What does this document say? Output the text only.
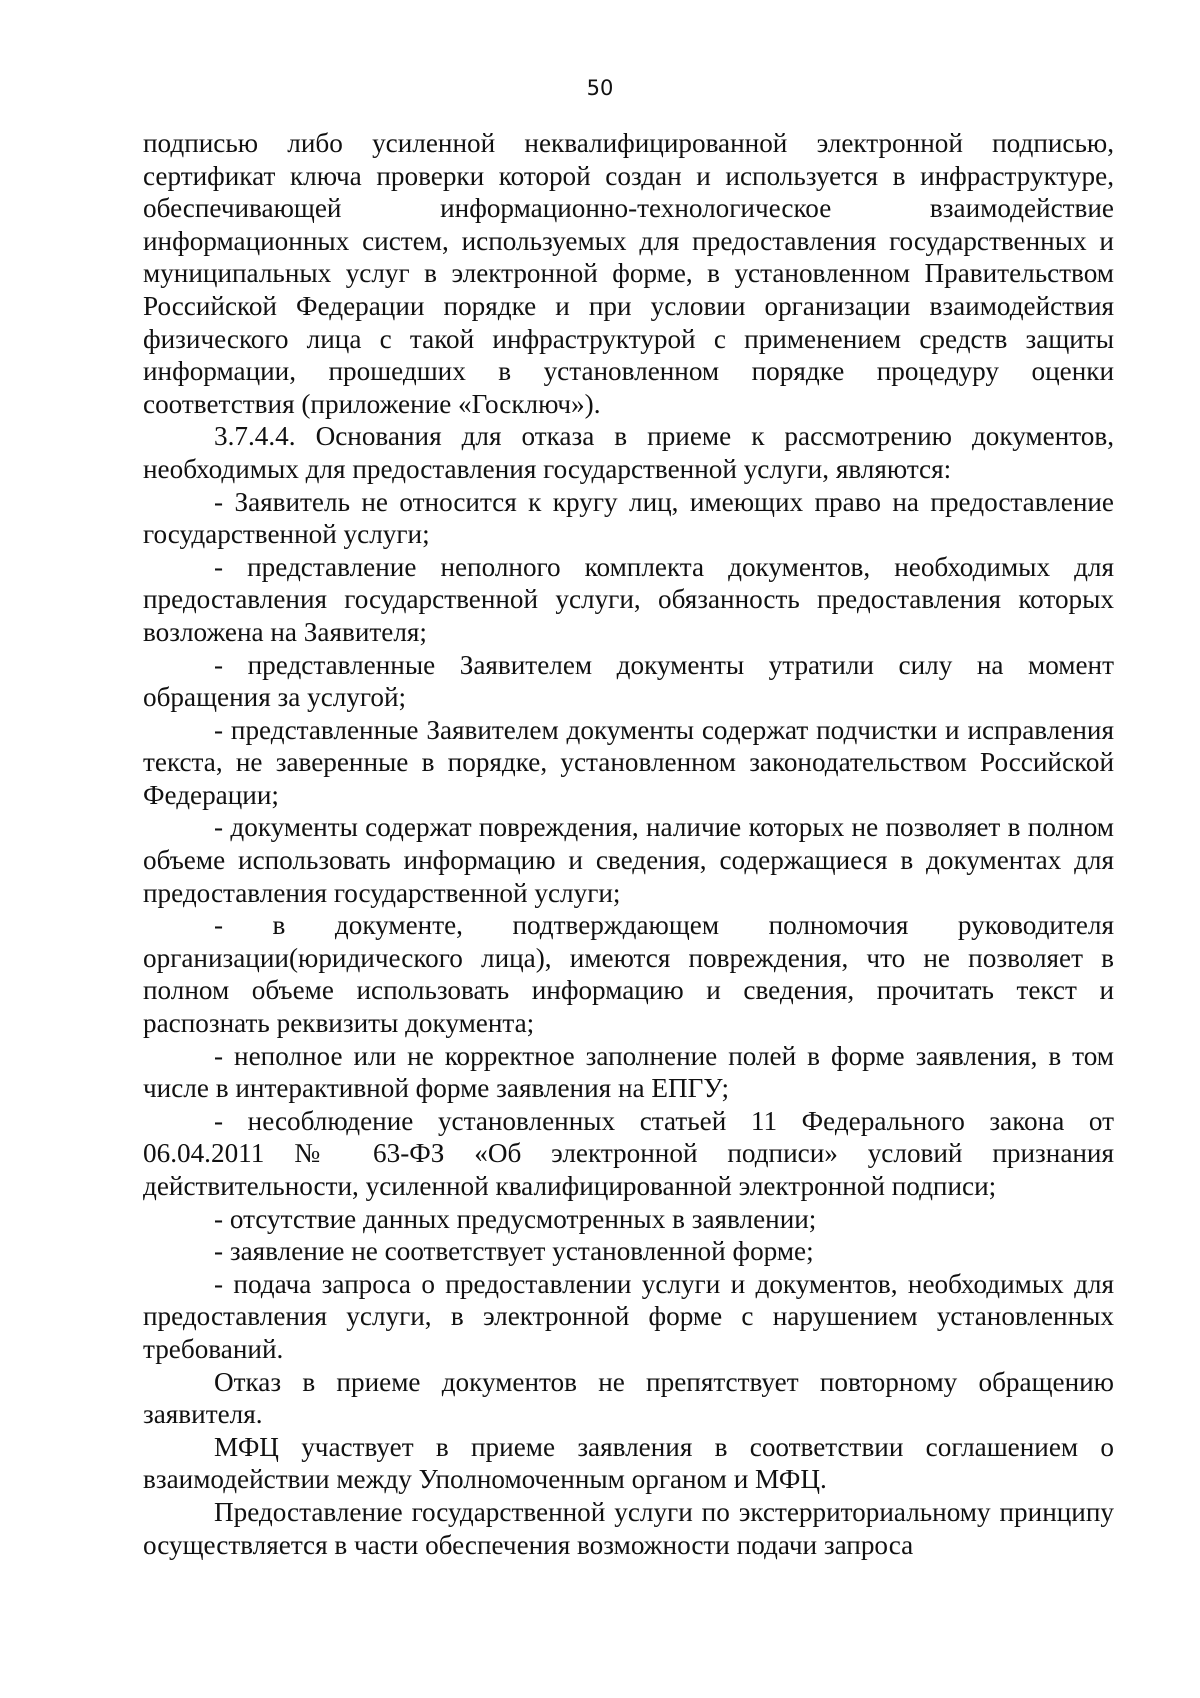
50

подписью либо усиленной неквалифицированной электронной подписью, сертификат ключа проверки которой создан и используется в инфраструктуре, обеспечивающей информационно-технологическое взаимодействие информационных систем, используемых для предоставления государственных и муниципальных услуг в электронной форме, в установленном Правительством Российской Федерации порядке и при условии организации взаимодействия физического лица с такой инфраструктурой с применением средств защиты информации, прошедших в установленном порядке процедуру оценки соответствия (приложение «Госключ»).

3.7.4.4. Основания для отказа в приеме к рассмотрению документов, необходимых для предоставления государственной услуги, являются:

- Заявитель не относится к кругу лиц, имеющих право на предоставление государственной услуги;

- представление неполного комплекта документов, необходимых для предоставления государственной услуги, обязанность предоставления которых возложена на Заявителя;

- представленные Заявителем документы утратили силу на момент обращения за услугой;

- представленные Заявителем документы содержат подчистки и исправления текста, не заверенные в порядке, установленном законодательством Российской Федерации;

- документы содержат повреждения, наличие которых не позволяет в полном объеме использовать информацию и сведения, содержащиеся в документах для предоставления государственной услуги;

- в документе, подтверждающем полномочия руководителя организации(юридического лица), имеются повреждения, что не позволяет в полном объеме использовать информацию и сведения, прочитать текст и распознать реквизиты документа;

- неполное или не корректное заполнение полей в форме заявления, в том числе в интерактивной форме заявления на ЕПГУ;

- несоблюдение установленных статьей 11 Федерального закона от 06.04.2011 № 63-ФЗ «Об электронной подписи» условий признания действительности, усиленной квалифицированной электронной подписи;

- отсутствие данных предусмотренных в заявлении;

- заявление не соответствует установленной форме;

- подача запроса о предоставлении услуги и документов, необходимых для предоставления услуги, в электронной форме с нарушением установленных требований.

Отказ в приеме документов не препятствует повторному обращению заявителя.

МФЦ участвует в приеме заявления в соответствии соглашением о взаимодействии между Уполномоченным органом и МФЦ.

Предоставление государственной услуги по экстерриториальному принципу осуществляется в части обеспечения возможности подачи запроса
